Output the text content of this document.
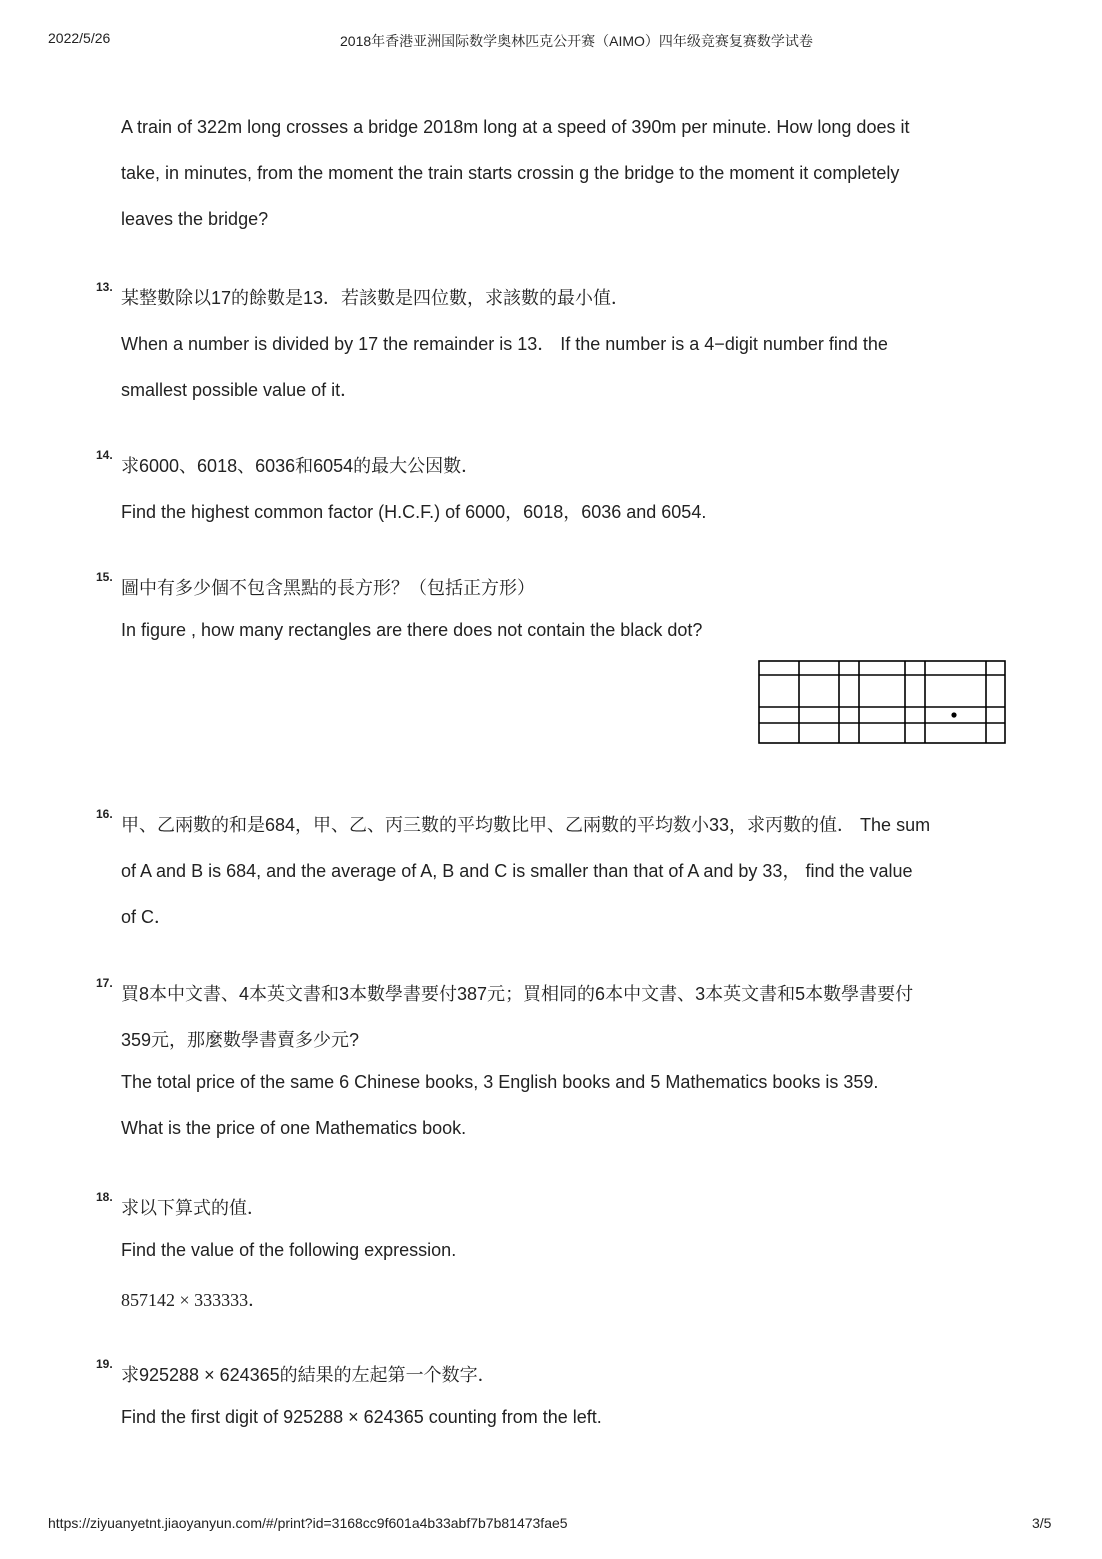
2022/5/26	2018年香港亚洲国际数学奥林匹克公开赛（AIMO）四年级竞赛复赛数学试卷
A train of 322m long crosses a bridge 2018m long at a speed of 390m per minute. How long does it
take, in minutes, from the moment the train starts crossin g the bridge to the moment it completely
leaves the bridge?
13.
某整數除以17的餘數是13．若該數是四位數，求該數的最小值．
When a number is divided by 17 the remainder is 13． If the number is a 4−digit number find the
smallest possible value of it．
14.
求6000、6018、6036和6054的最大公因數．
Find the highest common factor (H.C.F.) of 6000，6018，6036 and 6054.
15.
圖中有多少個不包含黑點的長方形？（包括正方形）
In figure , how many rectangles are there does not contain the black dot?
16.
甲、乙兩數的和是684，甲、乙、丙三數的平均數比甲、乙兩數的平均数小33，求丙數的值． The sum
of A and B is 684, and the average of A, B and C is smaller than that of A and by 33， find the value
of C．
17.
買8本中文書、4本英文書和3本數學書要付387元；買相同的6本中文書、3本英文書和5本數學書要付
359元，那麼數學書賣多少元?
The total price of the same 6 Chinese books, 3 English books and 5 Mathematics books is 359.
What is the price of one Mathematics book.
18.
求以下算式的值．
Find the value of the following expression.
857142 × 333333．
19.
求925288 × 624365的結果的左起第一个数字．
Find the first digit of 925288 × 624365 counting from the left.
https://ziyuanyetnt.jiaoyanyun.com/#/print?id=3168cc9f601a4b33abf7b7b81473fae5	3/5
